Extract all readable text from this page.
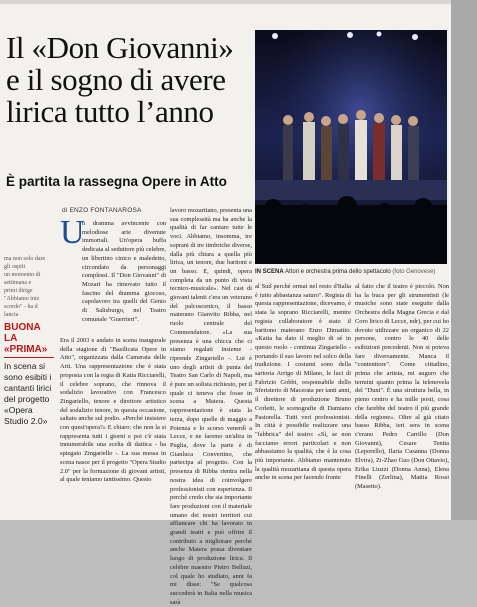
Il «Don Giovanni» e il sogno di avere lirica tutto l’anno
È partita la rassegna Opere in Atto
ma non solo dare
gli ospiti
un momento di
settimana e
primi dirige
"Abbiamo iniz
scordo" - ha d
lancia
di ENZO FONTANAROSA
U

n dramma avvincente con melodiose arie divenute immortali. Un'opera buffa dedicata al seduttore più celebre, un libertino cinico e maledetto, circondato da personaggi complessi. Il "Don Giovanni" di Mozart ha rimovato tutto il fascino del dramma giocoso, capolavoro tra quelli del Genio di Salisburgo, nel Teatro comunale "Guerrieri".

Era il 2003 e andato in scena inaugurale della stagione di "Basilicata Opere in Atto", organizzata dalla Camerata delle Arti. Una rappresentazione che è stata proposta con la regia di Katia Ricciarelli, il celebre soprano, che rinnova il sodalizio lavorativo con Francesco Zingariello, tenore e direttore artistico del sodalizio tenore, in questa occasione, saltato anche sul podio. «Perché insistere con quest'opera?» E chiaro: che non la si rappresenta tutti i giorni e poi c'è stata innumerabile una scelta di dattica - ha spiegato Zingariello -. La sua messa in scena nasce per il progetto "Opera Studio 2.0" per la formazione di giovani artisti, al quale teniamo tantissimo. Questo

lavoro mozartiano, presenta una sua complessità ma ha anche la qualità di far cantare tutte le voci. Abbiamo, insomma, tre soprani di tre timbriche diverse, dalla più chiara a quella più lirica, un tenore, due baritoni e un basso. E, quindi, opera completa da un punto di vista tecnico-musicale». Nel cast di giovani talenti c'era un veterano del palcoscenico, il basso materano Gianvito Ribba, nel ruolo centrale del Commendatore. «La sua presenza è una chicca che ci siamo regalati insieme - riprende Zingariello -. Lui è uno degli artisti di punta del Teatro San Carlo di Napoli, ma è pure un solista richiesto, per il quale ci teneva che fosse in scena a Matera. Questa rappresentazione è stata la terza, dopo quelle di maggio a Potenza e lo scorso venerdì a Lecce, e ne faremo un'altra in Puglia, dove la parte è di Gianluca Convertino, che partecipa al progetto. Con la presenza di Ribba rientra nella nostra idea di coinvolgere professionisti con esperienza. Il perché credo che sia importante fare produzioni con il materiale umano dei nostri territori cui affiancare chi ha lavorato in grandi teatri e può offrire il contributo a migliorare perché anche Matera possa diventare luogo di produzione lirica. Il celebre maestro Pietro Belluzi, col quale ho studiato, anni fa mi disse: "Se qualcosa succederà in Italia nella musica sarà

al Sud perché ormai nel resto d'Italia è tutto abbastanza saturo". Regista di questa rappresentazione, dicevamo, è stata la soprano Ricciarelli, mentre regista collaboratore è stato il baritono materano Enzo Dimattio. «Katia ha dato il meglio di sé in questo ruolo - continua Zingariello - portando il suo lavoro nel solco della tradizione. I costumi sono della sartoria Arrigo di Milano, le luci di Fabrizio Gobbi, responsabile dello Sferisterio di Macerata per tanti anni, il direttore di produzione Bruno Corletti, le scenografie di Damiano Pastorella. Tutti veri professionisti. In città è possibile realizzare una "fabbrica" del teatro: «Sì, se non facciamo errori particolari e non abbassiamo la qualità, che è la cosa più importante. Abbiamo mantenuto la qualità mozartiana di questa opera anche in scena per facendo fronte

al fatto che il teatro è piccolo. Non ha la buca per gli strumentisti (le musiche sono state eseguite dalla Orchestra della Magna Grecia e dal Coro lirico di Lecce, ndr), per cui ho dovuto utilizzare un organico di 22 persone, contro le 40 delle esibizioni precedenti. Non si poteva fare diversamente. Manca il "contenitore". Come cittadino, prima che artista, mi auguro che termini quanto prima la telenovela del "Duni". È una struttura bella, in pieno centro e ha mille posti, cosa che farebbe del teatro il più grande della regione». Oltre al già citato basso Ribba, ieri sera in scena c'erano Pedro Carrillo (Don Giovanni), Cesare Tenita (Leporello), Ilaria Cusanna (Donna Elvira), Zi-Zhao Guo (Don Ottavio), Erika Liuzzi (Donna Anna), Elena Finelli (Zerlina), Mattia Rossi (Masetto).

BUONA LA «PRIMA»
In scena si sono esibiti i cantanti lirici del progetto «Opera Studio 2.0»
IN SCENA Attori e orchestra prima dello spettacolo (foto Genovese)
